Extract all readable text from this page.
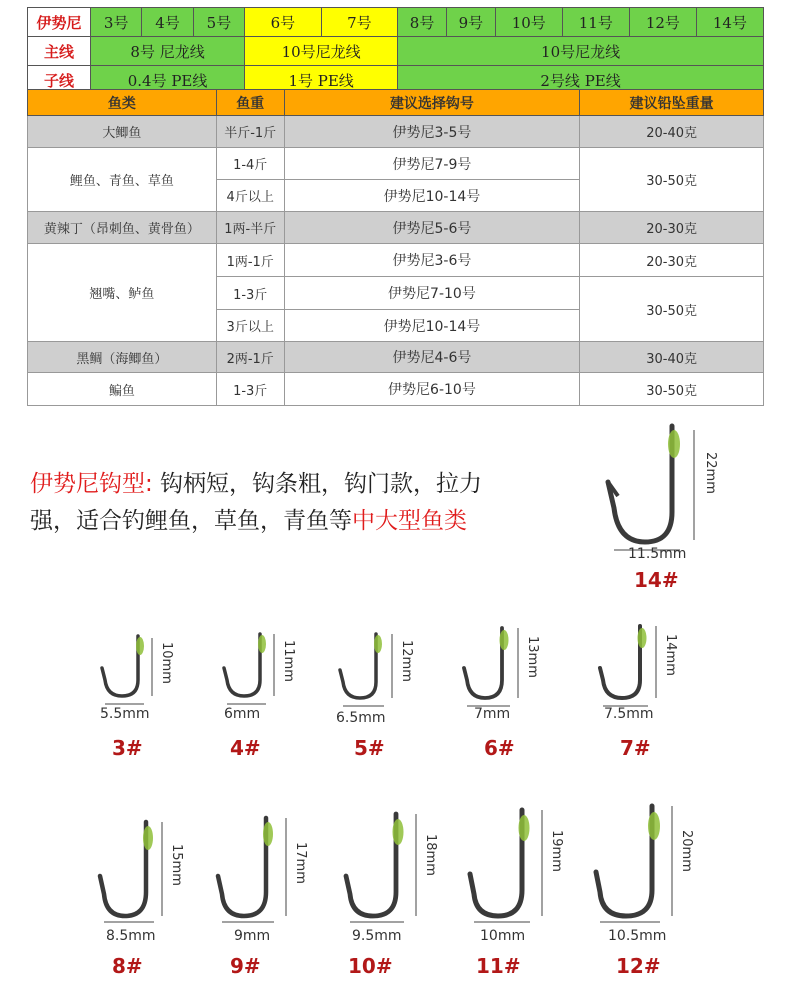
伊势尼	3号	4号	5号	6号	7号	8号	9号	10号	11号	12号	14号
主线	8号 尼龙线			10号尼龙线		10号尼龙线					
子线	0.4号 PE线			1号 PE线		2号线 PE线					
鱼类	鱼重	建议选择钩号	建议铅坠重量
大鲫鱼	半斤-1斤	伊势尼3-5号	20-40克
鲤鱼、青鱼、草鱼	1-4斤	伊势尼7-9号	30-50克
	4斤以上	伊势尼10-14号	
黄辣丁（昂刺鱼、黄骨鱼）	1两-半斤	伊势尼5-6号	20-30克
翘嘴、鲈鱼	1两-1斤	伊势尼3-6号	20-30克
	1-3斤	伊势尼7-10号	30-50克
	3斤以上	伊势尼10-14号	
黑鲷（海鲫鱼）	2两-1斤	伊势尼4-6号	30-40克
鳊鱼	1-3斤	伊势尼6-10号	30-50克
伊势尼钩型: 钩柄短，钩条粗，钩门款，拉力
强，适合钓鲤鱼，草鱼，青鱼等中大型鱼类
22mm
11.5mm
14#
10mm
5.5mm
3#
11mm
6mm
4#
12mm
6.5mm
5#
13mm
7mm
6#
14mm
7.5mm
7#
15mm
8.5mm
8#
17mm
9mm
9#
18mm
9.5mm
10#
19mm
10mm
11#
20mm
10.5mm
12#
